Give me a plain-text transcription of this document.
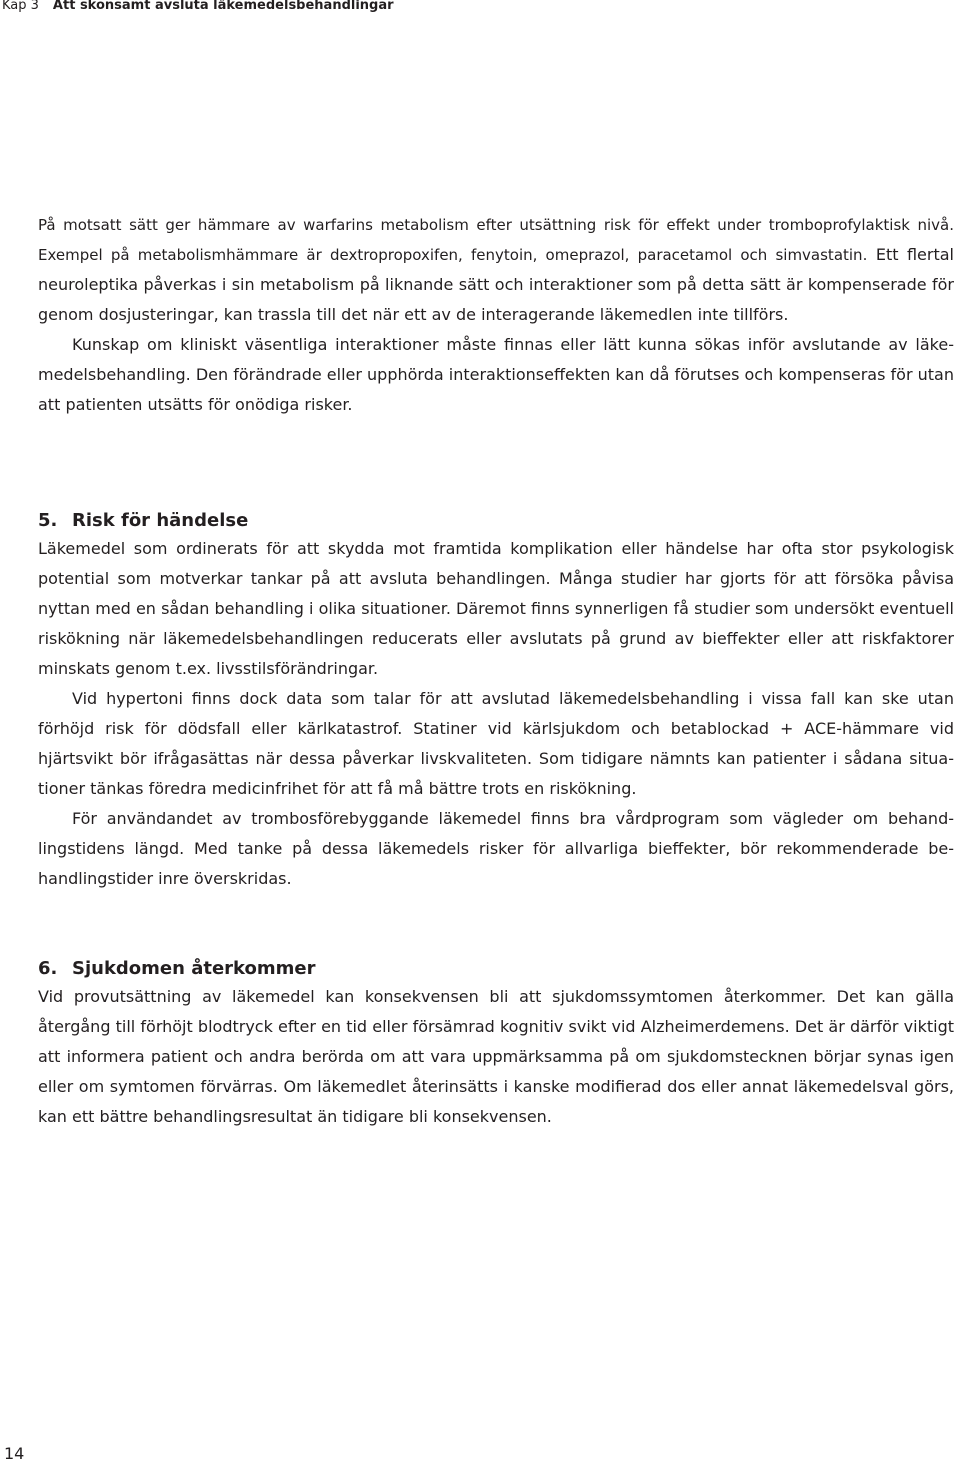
Kap 3 Att skonsamt avsluta läkemedelsbehandlingar

På motsatt sätt ger hämmare av warfarins metabolism efter utsättning risk för effekt under tromboprofylaktisk nivå. Exempel på metabolismhämmare är dextropropoxifen, fenytoin, omeprazol, paracetamol och simvastatin. Ett flertal neuroleptika påverkas i sin metabolism på liknande sätt och interaktioner som på detta sätt är kompenserade för genom dosjusteringar, kan trassla till det när ett av de interagerande läkemedlen inte tillförs.

Kunskap om kliniskt väsentliga interaktioner måste finnas eller lätt kunna sökas inför avslutande av läkemedelsbehandling. Den förändrade eller upphörda interaktionseffekten kan då förutses och kompenseras för utan att patienten utsätts för onödiga risker.

5. Risk för händelse

Läkemedel som ordinerats för att skydda mot framtida komplikation eller händelse har ofta stor psykologisk potential som motverkar tankar på att avsluta behandlingen. Många studier har gjorts för att försöka påvisa nyttan med en sådan behandling i olika situationer. Däremot finns synnerligen få studier som undersökt eventuell riskökning när läkemedelsbehandlingen reducerats eller avslutats på grund av bieffekter eller att riskfaktorer minskats genom t.ex. livsstilsförändringar.

Vid hypertoni finns dock data som talar för att avslutad läkemedelsbehandling i vissa fall kan ske utan förhöjd risk för dödsfall eller kärlkatastrof. Statiner vid kärlsjukdom och betablockad + ACE-hämmare vid hjärtsvikt bör ifrågasättas när dessa påverkar livskvaliteten. Som tidigare nämnts kan patienter i sådana situationer tänkas föredra medicinfrihet för att få må bättre trots en riskökning.

För användandet av trombosförebyggande läkemedel finns bra vårdprogram som vägleder om behandlingstidens längd. Med tanke på dessa läkemedels risker för allvarliga bieffekter, bör rekommenderade behandlingstider inre överskridas.

6. Sjukdomen återkommer

Vid provutsättning av läkemedel kan konsekvensen bli att sjukdomssymtomen återkommer. Det kan gälla återgång till förhöjt blodtryck efter en tid eller försämrad kognitiv svikt vid Alzheimerdemens. Det är därför viktigt att informera patient och andra berörda om att vara uppmärksamma på om sjukdomstecknen börjar synas igen eller om symtomen förvärras. Om läkemedlet återinsätts i kanske modifierad dos eller annat läkemedelsval görs, kan ett bättre behandlingsresultat än tidigare bli konsekvensen.

14
